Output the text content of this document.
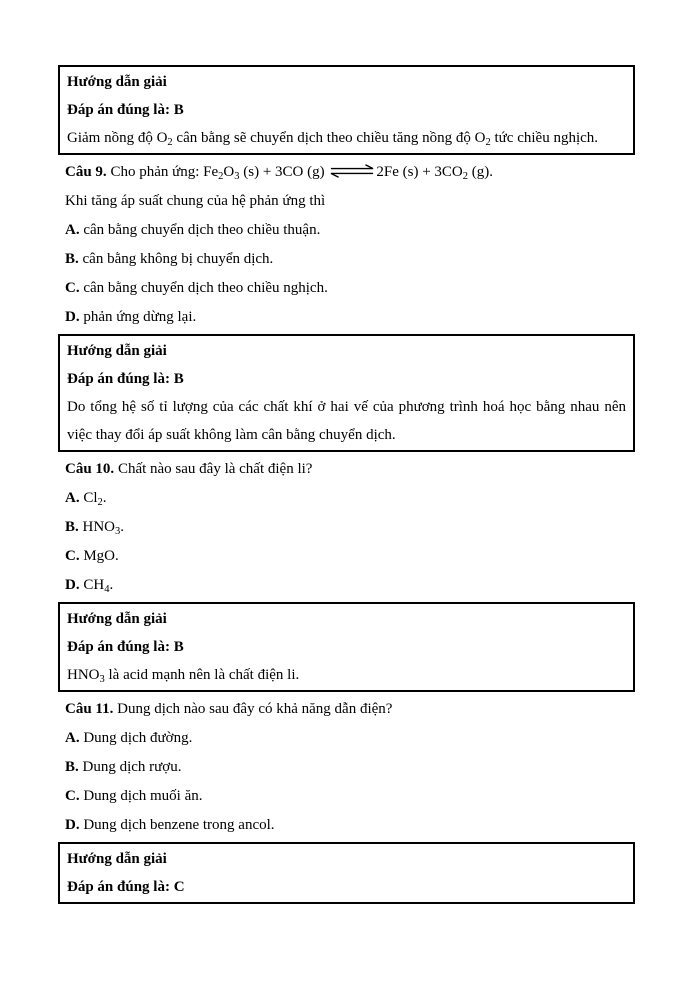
Hướng dẫn giải

Đáp án đúng là: B

Giảm nồng độ $O_2$ cân bằng sẽ chuyển dịch theo chiều tăng nồng độ $O_2$ tức chiều nghịch.

Câu 9. Cho phản ứng: $Fe_2O_3$ (s) + 3CO (g) ⇌2Fe $(s) + 3CO_2$ (g).

Khi tăng áp suất chung của hệ phản ứng thì

A. cân bằng chuyển dịch theo chiều thuận.

B. cân bằng không bị chuyển dịch.

C. cân bằng chuyển dịch theo chiều nghịch.

D. phản ứng dừng lại.

Hướng dẫn giải

Đáp án đúng là: B

Do tổng hệ số tỉ lượng của các chất khí ở hai vế của phương trình hoá học bằng nhau nên việc thay đổi áp suất không làm cân bằng chuyển dịch.

Câu 10. Chất nào sau đây là chất điện li?

A. $Cl_2$.

B. $HNO_3$.

C. MgO.

D. $CH_4$.

Hướng dẫn giải

Đáp án đúng là: B

$HNO_3$ là acid mạnh nên là chất điện li.

Câu 11. Dung dịch nào sau đây có khả năng dẫn điện?

A. Dung dịch đường.

B. Dung dịch rượu.

C. Dung dịch muối ăn.

D. Dung dịch benzene trong ancol.

Hướng dẫn giải

Đáp án đúng là: C
